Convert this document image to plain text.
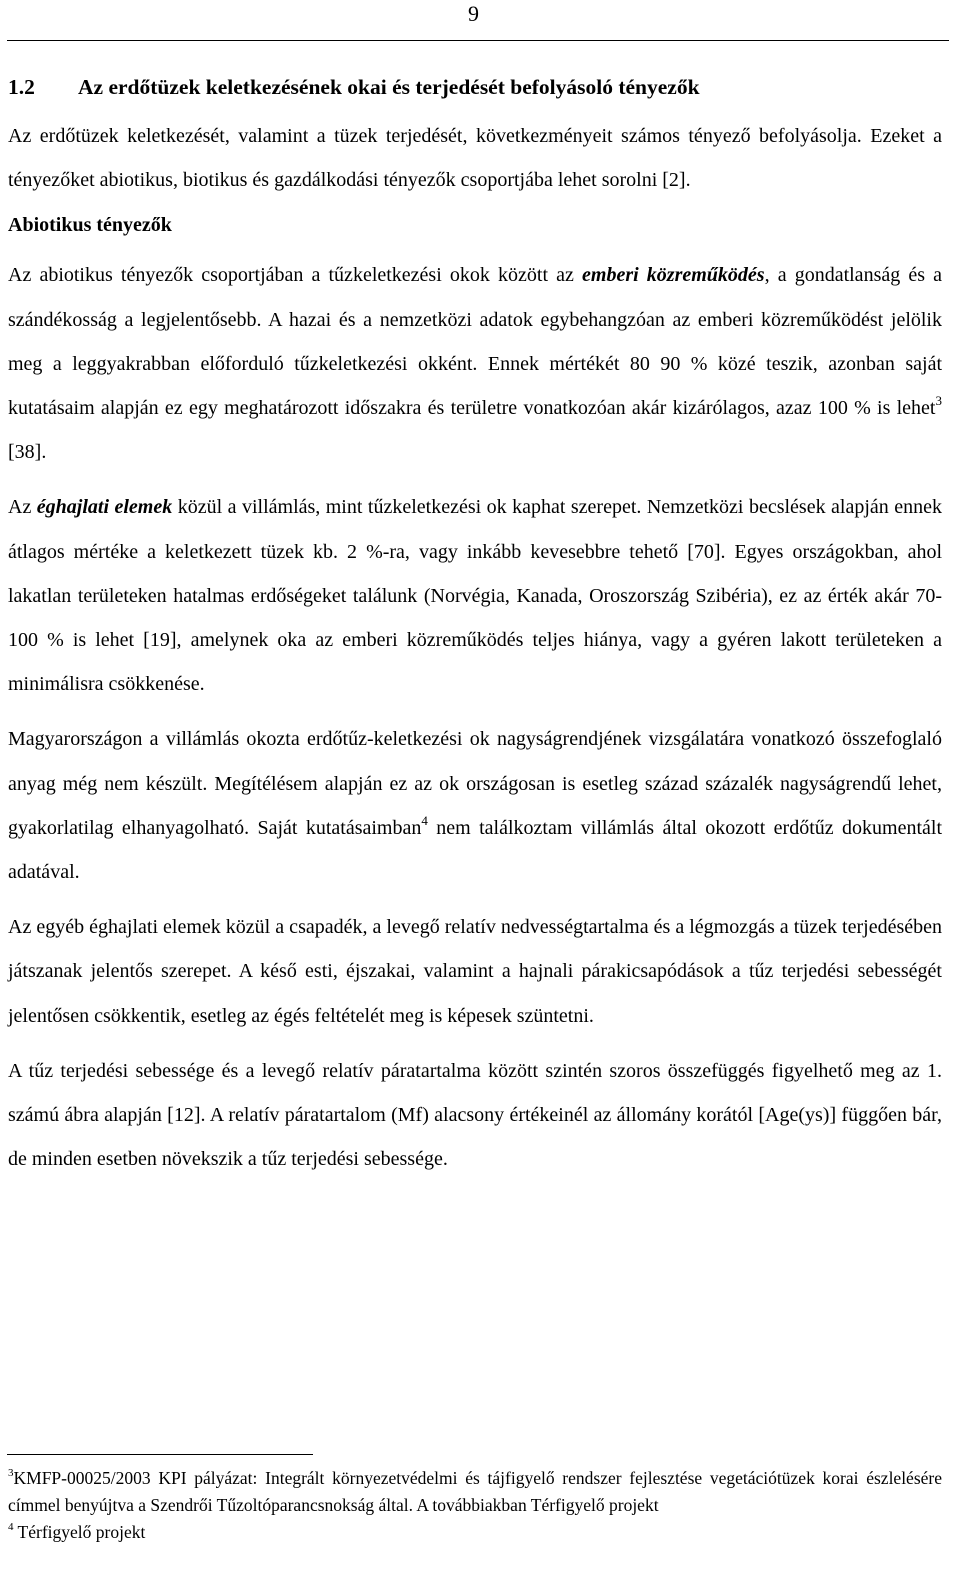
9
1.2	Az erdőtüzek keletkezésének okai és terjedését befolyásoló tényezők

Az erdőtüzek keletkezését, valamint a tüzek terjedését, következményeit számos tényező befolyásolja. Ezeket a tényezőket abiotikus, biotikus és gazdálkodási tényezők csoportjába lehet sorolni [2].

Abiotikus tényezők

Az abiotikus tényezők csoportjában a tűzkeletkezési okok között az emberi közreműködés, a gondatlanság és a szándékosság a legjelentősebb. A hazai és a nemzetközi adatok egybehangzóan az emberi közreműködést jelölik meg a leggyakrabban előforduló tűzkeletkezési okként. Ennek mértékét 80 90 % közé teszik, azonban saját kutatásaim alapján ez egy meghatározott időszakra és területre vonatkozóan akár kizárólagos, azaz 100 % is lehet$^3$ [38].

Az éghajlati elemek közül a villámlás, mint tűzkeletkezési ok kaphat szerepet. Nemzetközi becslések alapján ennek átlagos mértéke a keletkezett tüzek kb. 2 %-ra, vagy inkább kevesebbre tehető [70]. Egyes országokban, ahol lakatlan területeken hatalmas erdőségeket találunk (Norvégia, Kanada, Oroszország Szibéria), ez az érték akár 70-100 % is lehet [19], amelynek oka az emberi közreműködés teljes hiánya, vagy a gyéren lakott területeken a minimálisra csökkenése.

Magyarországon a villámlás okozta erdőtűz-keletkezési ok nagyságrendjének vizsgálatára vonatkozó összefoglaló anyag még nem készült. Megítélésem alapján ez az ok országosan is esetleg század százalék nagyságrendű lehet, gyakorlatilag elhanyagolható. Saját kutatásaimban$^4$ nem találkoztam villámlás által okozott erdőtűz dokumentált adatával.

Az egyéb éghajlati elemek közül a csapadék, a levegő relatív nedvességtartalma és a légmozgás a tüzek terjedésében játszanak jelentős szerepet. A késő esti, éjszakai, valamint a hajnali párakicsapódások a tűz terjedési sebességét jelentősen csökkentik, esetleg az égés feltételét meg is képesek szüntetni.

A tűz terjedési sebessége és a levegő relatív páratartalma között szintén szoros összefüggés figyelhető meg az 1. számú ábra alapján [12]. A relatív páratartalom (Mf) alacsony értékeinél az állomány korától [Age(ys)] függően bár, de minden esetben növekszik a tűz terjedési sebessége.

$^3$KMFP-00025/2003 KPI pályázat: Integrált környezetvédelmi és tájfigyelő rendszer fejlesztése vegetációtüzek korai észlelésére címmel benyújtva a Szendrői Tűzoltóparancsnokság által. A továbbiakban Térfigyelő projekt

$^4$ Térfigyelő projekt
